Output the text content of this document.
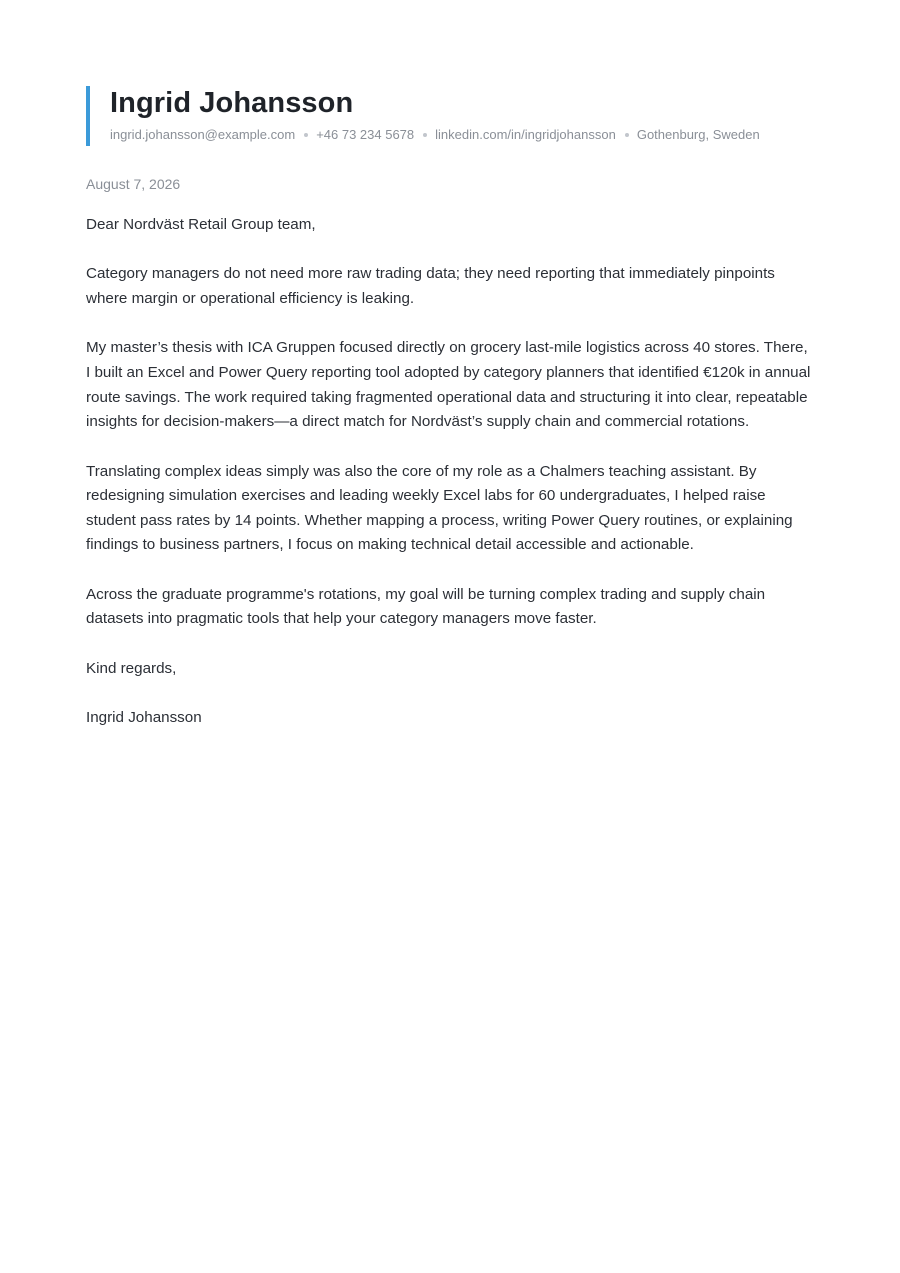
Ingrid Johansson
ingrid.johansson@example.com +46 73 234 5678 linkedin.com/in/ingridjohansson Gothenburg, Sweden
August 7, 2026

Dear Nordväst Retail Group team,

Category managers do not need more raw trading data; they need reporting that immediately pinpoints where margin or operational efficiency is leaking.

My master’s thesis with ICA Gruppen focused directly on grocery last-mile logistics across 40 stores. There, I built an Excel and Power Query reporting tool adopted by category planners that identified €120k in annual route savings. The work required taking fragmented operational data and structuring it into clear, repeatable insights for decision-makers—a direct match for Nordväst’s supply chain and commercial rotations.

Translating complex ideas simply was also the core of my role as a Chalmers teaching assistant. By redesigning simulation exercises and leading weekly Excel labs for 60 undergraduates, I helped raise student pass rates by 14 points. Whether mapping a process, writing Power Query routines, or explaining findings to business partners, I focus on making technical detail accessible and actionable.

Across the graduate programme's rotations, my goal will be turning complex trading and supply chain datasets into pragmatic tools that help your category managers move faster.

Kind regards,

Ingrid Johansson
